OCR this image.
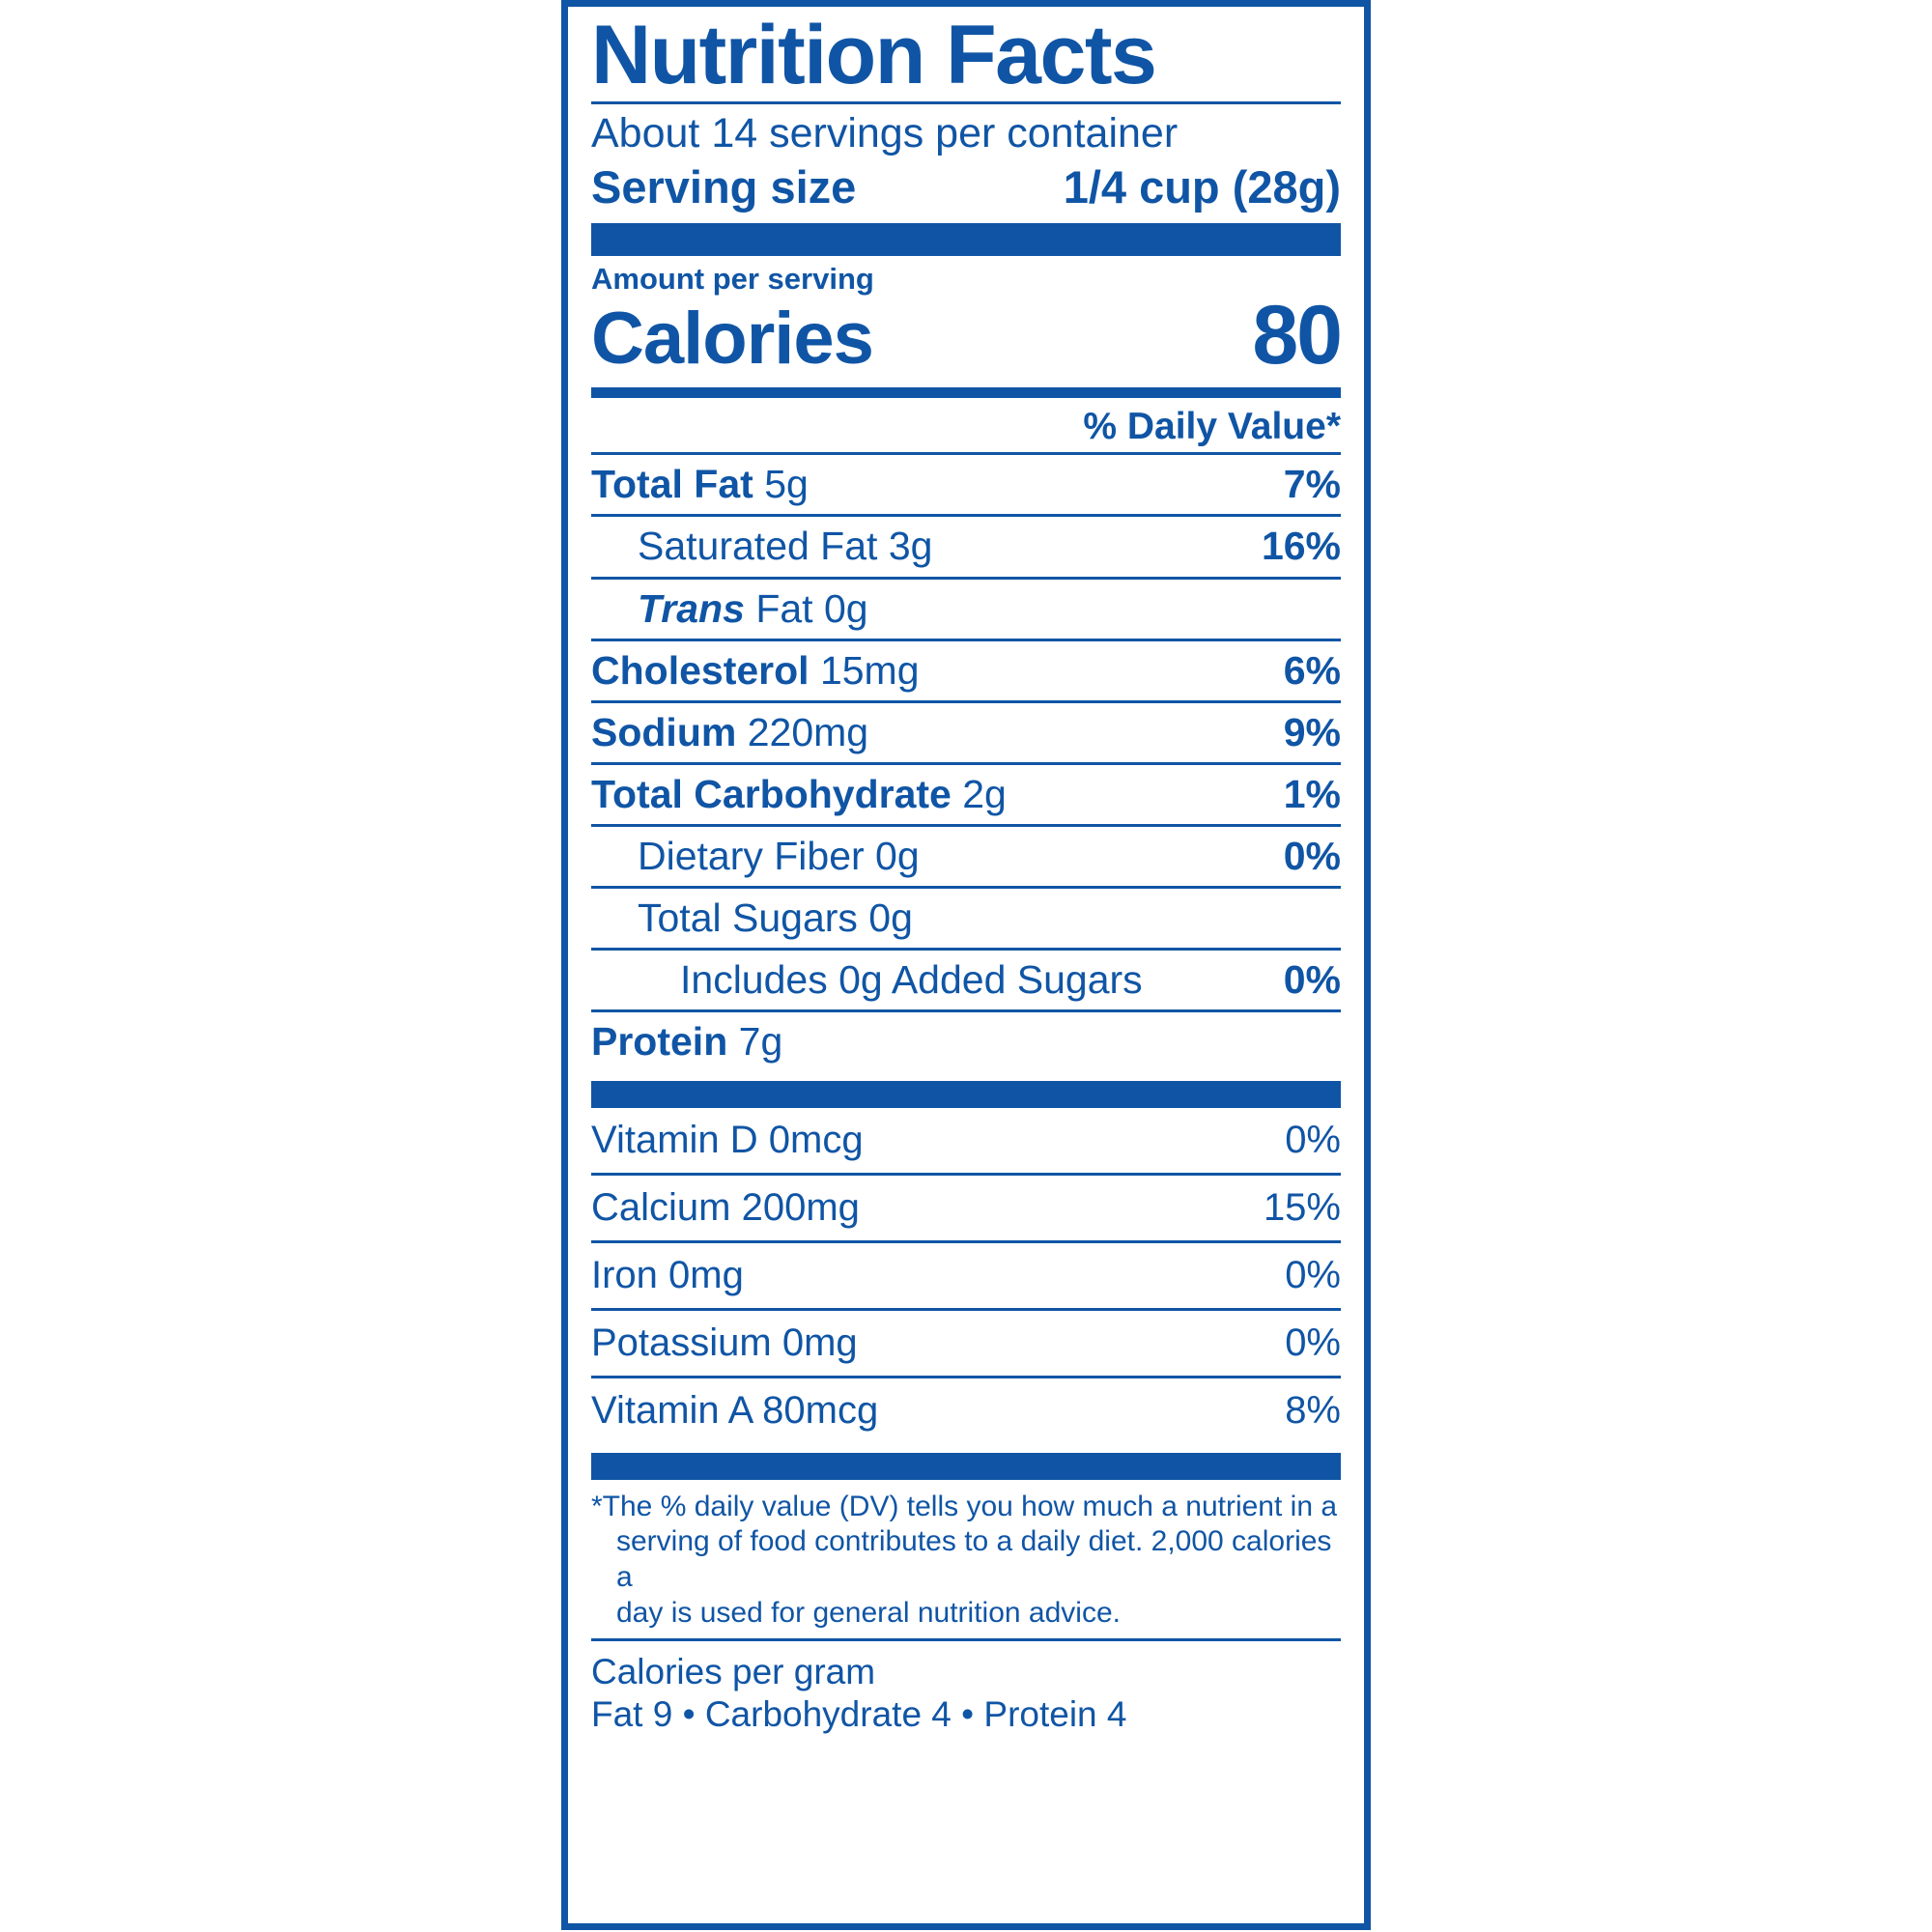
Nutrition Facts
About 14 servings per container
Serving size	1/4 cup (28g)
Amount per serving
Calories	80
% Daily Value*
Total Fat 5g	7%
Saturated Fat 3g	16%
Trans Fat 0g
Cholesterol 15mg	6%
Sodium 220mg	9%
Total Carbohydrate 2g	1%
Dietary Fiber 0g	0%
Total Sugars 0g
Includes 0g Added Sugars	0%
Protein 7g
Vitamin D 0mcg	0%
Calcium 200mg	15%
Iron 0mg	0%
Potassium 0mg	0%
Vitamin A 80mcg	8%
*The % daily value (DV) tells you how much a nutrient in a
serving of food contributes to a daily diet. 2,000 calories a
day is used for general nutrition advice.
Calories per gram
Fat 9 • Carbohydrate 4 • Protein 4
